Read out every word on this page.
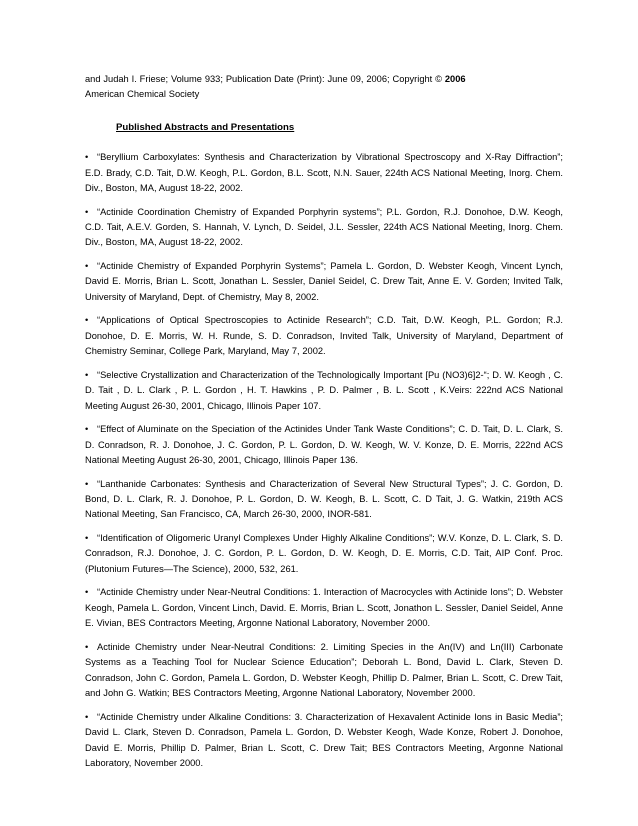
and Judah I. Friese; Volume 933; Publication Date (Print): June 09, 2006; Copyright © 2006
American Chemical Society

Published Abstracts and Presentations

• “Beryllium Carboxylates: Synthesis and Characterization by Vibrational Spectroscopy and X-Ray Diffraction”; E.D. Brady, C.D. Tait, D.W. Keogh, P.L. Gordon, B.L. Scott, N.N. Sauer, 224th ACS National Meeting, Inorg. Chem. Div., Boston, MA, August 18-22, 2002.

• “Actinide Coordination Chemistry of Expanded Porphyrin systems”; P.L. Gordon, R.J. Donohoe, D.W. Keogh, C.D. Tait, A.E.V. Gorden, S. Hannah, V. Lynch, D. Seidel, J.L. Sessler, 224th ACS National Meeting, Inorg. Chem. Div., Boston, MA, August 18-22, 2002.

• “Actinide Chemistry of Expanded Porphyrin Systems”; Pamela L. Gordon, D. Webster Keogh, Vincent Lynch, David E. Morris, Brian L. Scott, Jonathan L. Sessler, Daniel Seidel, C. Drew Tait, Anne E. V. Gorden; Invited Talk, University of Maryland, Dept. of Chemistry, May 8, 2002.

• “Applications of Optical Spectroscopies to Actinide Research”; C.D. Tait, D.W. Keogh, P.L. Gordon; R.J. Donohoe, D. E. Morris, W. H. Runde, S. D. Conradson, Invited Talk, University of Maryland, Department of Chemistry Seminar, College Park, Maryland, May 7, 2002.

• “Selective Crystallization and Characterization of the Technologically Important [Pu (NO3)6]2-“; D. W. Keogh , C. D. Tait , D. L. Clark , P. L. Gordon , H. T. Hawkins , P. D. Palmer , B. L. Scott , K.Veirs: 222nd ACS National Meeting August 26-30, 2001, Chicago, Illinois Paper 107.

• “Effect of Aluminate on the Speciation of the Actinides Under Tank Waste Conditions”; C. D. Tait, D. L. Clark, S. D. Conradson, R. J. Donohoe, J. C. Gordon, P. L. Gordon, D. W. Keogh, W. V. Konze, D. E. Morris, 222nd ACS National Meeting August 26-30, 2001, Chicago, Illinois Paper 136.

• “Lanthanide Carbonates: Synthesis and Characterization of Several New Structural Types”; J. C. Gordon, D. Bond, D. L. Clark, R. J. Donohoe, P. L. Gordon, D. W. Keogh, B. L. Scott, C. D Tait, J. G. Watkin, 219th ACS National Meeting, San Francisco, CA, March 26-30, 2000, INOR-581.

• “Identification of Oligomeric Uranyl Complexes Under Highly Alkaline Conditions”; W.V. Konze, D. L. Clark, S. D. Conradson, R.J. Donohoe, J. C. Gordon, P. L. Gordon, D. W. Keogh, D. E. Morris, C.D. Tait, AIP Conf. Proc. (Plutonium Futures—The Science), 2000, 532, 261.

• “Actinide Chemistry under Near-Neutral Conditions: 1. Interaction of Macrocycles with Actinide Ions”; D. Webster Keogh, Pamela L. Gordon, Vincent Linch, David. E. Morris, Brian L. Scott, Jonathon L. Sessler, Daniel Seidel, Anne E. Vivian, BES Contractors Meeting, Argonne National Laboratory, November 2000.

• Actinide Chemistry under Near-Neutral Conditions: 2. Limiting Species in the An(IV) and Ln(III) Carbonate Systems as a Teaching Tool for Nuclear Science Education”; Deborah L. Bond, David L. Clark, Steven D. Conradson, John C. Gordon, Pamela L. Gordon, D. Webster Keogh, Phillip D. Palmer, Brian L. Scott, C. Drew Tait, and John G. Watkin; BES Contractors Meeting, Argonne National Laboratory, November 2000.

• “Actinide Chemistry under Alkaline Conditions: 3. Characterization of Hexavalent Actinide Ions in Basic Media”; David L. Clark, Steven D. Conradson, Pamela L. Gordon, D. Webster Keogh, Wade Konze, Robert J. Donohoe, David E. Morris, Phillip D. Palmer, Brian L. Scott, C. Drew Tait; BES Contractors Meeting, Argonne National Laboratory, November 2000.
